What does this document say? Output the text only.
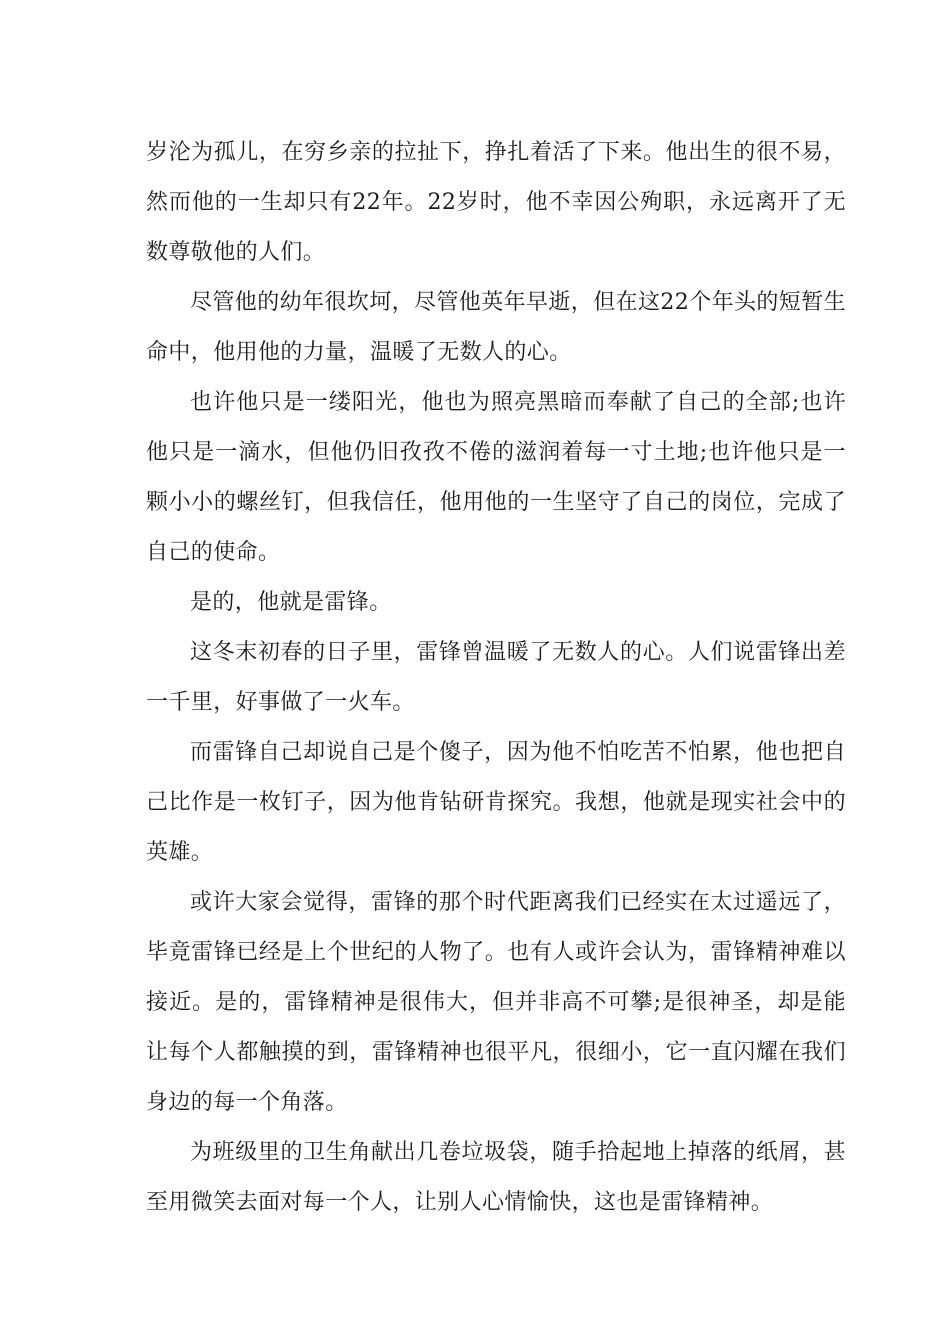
岁沦为孤儿，在穷乡亲的拉扯下，挣扎着活了下来。他出生的很不易，然而他的一生却只有22年。22岁时，他不幸因公殉职，永远离开了无数尊敬他的人们。

尽管他的幼年很坎坷，尽管他英年早逝，但在这22个年头的短暂生命中，他用他的力量，温暖了无数人的心。

也许他只是一缕阳光，他也为照亮黑暗而奉献了自己的全部;也许他只是一滴水，但他仍旧孜孜不倦的滋润着每一寸土地;也许他只是一颗小小的螺丝钉，但我信任，他用他的一生坚守了自己的岗位，完成了自己的使命。

是的，他就是雷锋。

这冬末初春的日子里，雷锋曾温暖了无数人的心。人们说雷锋出差一千里，好事做了一火车。

而雷锋自己却说自己是个傻子，因为他不怕吃苦不怕累，他也把自己比作是一枚钉子，因为他肯钻研肯探究。我想，他就是现实社会中的英雄。

或许大家会觉得，雷锋的那个时代距离我们已经实在太过遥远了，毕竟雷锋已经是上个世纪的人物了。也有人或许会认为，雷锋精神难以接近。是的，雷锋精神是很伟大，但并非高不可攀;是很神圣，却是能让每个人都触摸的到，雷锋精神也很平凡，很细小，它一直闪耀在我们身边的每一个角落。

为班级里的卫生角献出几卷垃圾袋，随手拾起地上掉落的纸屑，甚至用微笑去面对每一个人，让别人心情愉快，这也是雷锋精神。
